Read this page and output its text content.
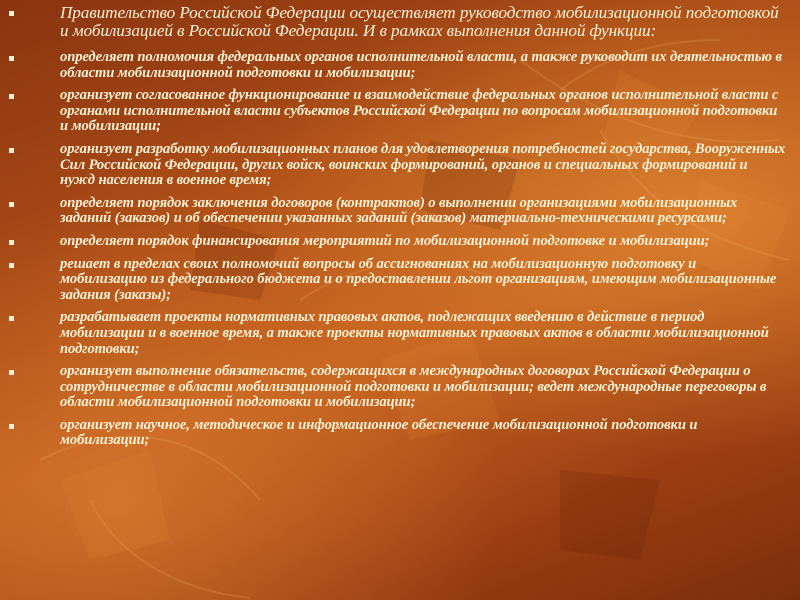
Правительство Российской Федерации осуществляет руководство мобилизационной подготовкой и мобилизацией в Российской Федерации. И в рамках выполнения данной функции:
определяет полномочия федеральных органов исполнительной власти, а также руководит их деятельностью в области мобилизационной подготовки и мобилизации;
организует согласованное функционирование и взаимодействие федеральных органов исполнительной власти с органами исполнительной власти субъектов Российской Федерации по вопросам мобилизационной подготовки и мобилизации;
организует разработку мобилизационных планов для удовлетворения потребностей государства, Вооруженных Сил Российской Федерации, других войск, воинских формирований, органов и специальных формирований и нужд населения в военное время;
определяет порядок заключения договоров (контрактов) о выполнении организациями мобилизационных заданий (заказов) и об обеспечении указанных заданий (заказов) материально-техническими ресурсами;
определяет порядок финансирования мероприятий по мобилизационной подготовке и мобилизации;
решает в пределах своих полномочий вопросы об ассигнованиях на мобилизационную подготовку и мобилизацию из федерального бюджета и о предоставлении льгот организациям, имеющим мобилизационные задания (заказы);
разрабатывает проекты нормативных правовых актов, подлежащих введению в действие в период мобилизации и в военное время, а также проекты нормативных правовых актов в области мобилизационной подготовки;
организует выполнение обязательств, содержащихся в международных договорах Российской Федерации о сотрудничестве в области мобилизационной подготовки и мобилизации; ведет международные переговоры в области мобилизационной подготовки и мобилизации;
организует научное, методическое и информационное обеспечение мобилизационной подготовки и мобилизации;
